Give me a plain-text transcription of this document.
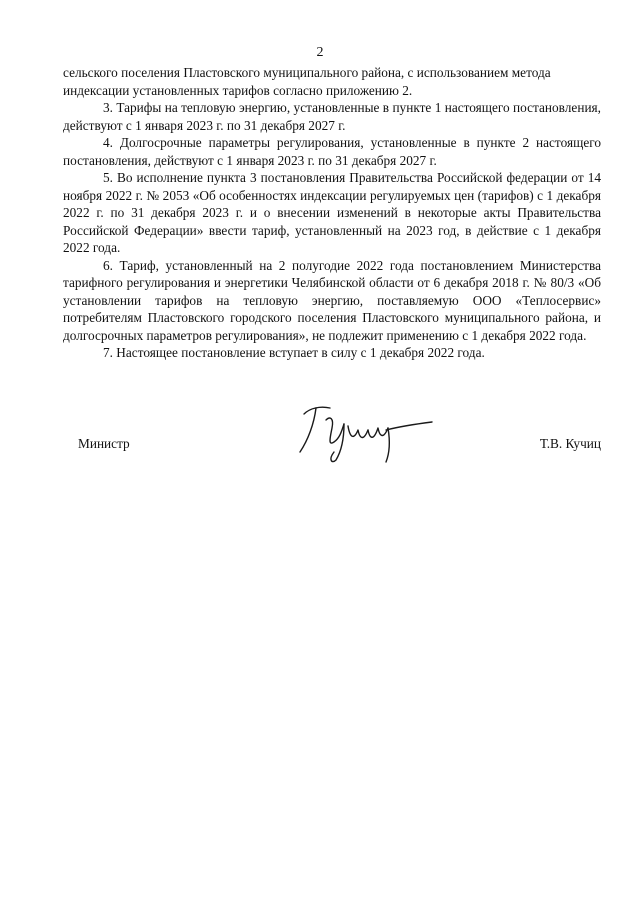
2

сельского поселения Пластовского муниципального района, с использованием метода индексации установленных тарифов согласно приложению 2.

3. Тарифы на тепловую энергию, установленные в пункте 1 настоящего постановления, действуют с 1 января 2023 г. по 31 декабря 2027 г.

4. Долгосрочные параметры регулирования, установленные в пункте 2 настоящего постановления, действуют с 1 января 2023 г. по 31 декабря 2027 г.

5. Во исполнение пункта 3 постановления Правительства Российской федерации от 14 ноября 2022 г. № 2053 «Об особенностях индексации регулируемых цен (тарифов) с 1 декабря 2022 г. по 31 декабря 2023 г. и о внесении изменений в некоторые акты Правительства Российской Федерации» ввести тариф, установленный на 2023 год, в действие с 1 декабря 2022 года.

6. Тариф, установленный на 2 полугодие 2022 года постановлением Министерства тарифного регулирования и энергетики Челябинской области от 6 декабря 2018 г. № 80/3 «Об установлении тарифов на тепловую энергию, поставляемую ООО «Теплосервис» потребителям Пластовского городского поселения Пластовского муниципального района, и долгосрочных параметров регулирования», не подлежит применению с 1 декабря 2022 года.

7. Настоящее постановление вступает в силу с 1 декабря 2022 года.

Министр	Т.В. Кучиц
